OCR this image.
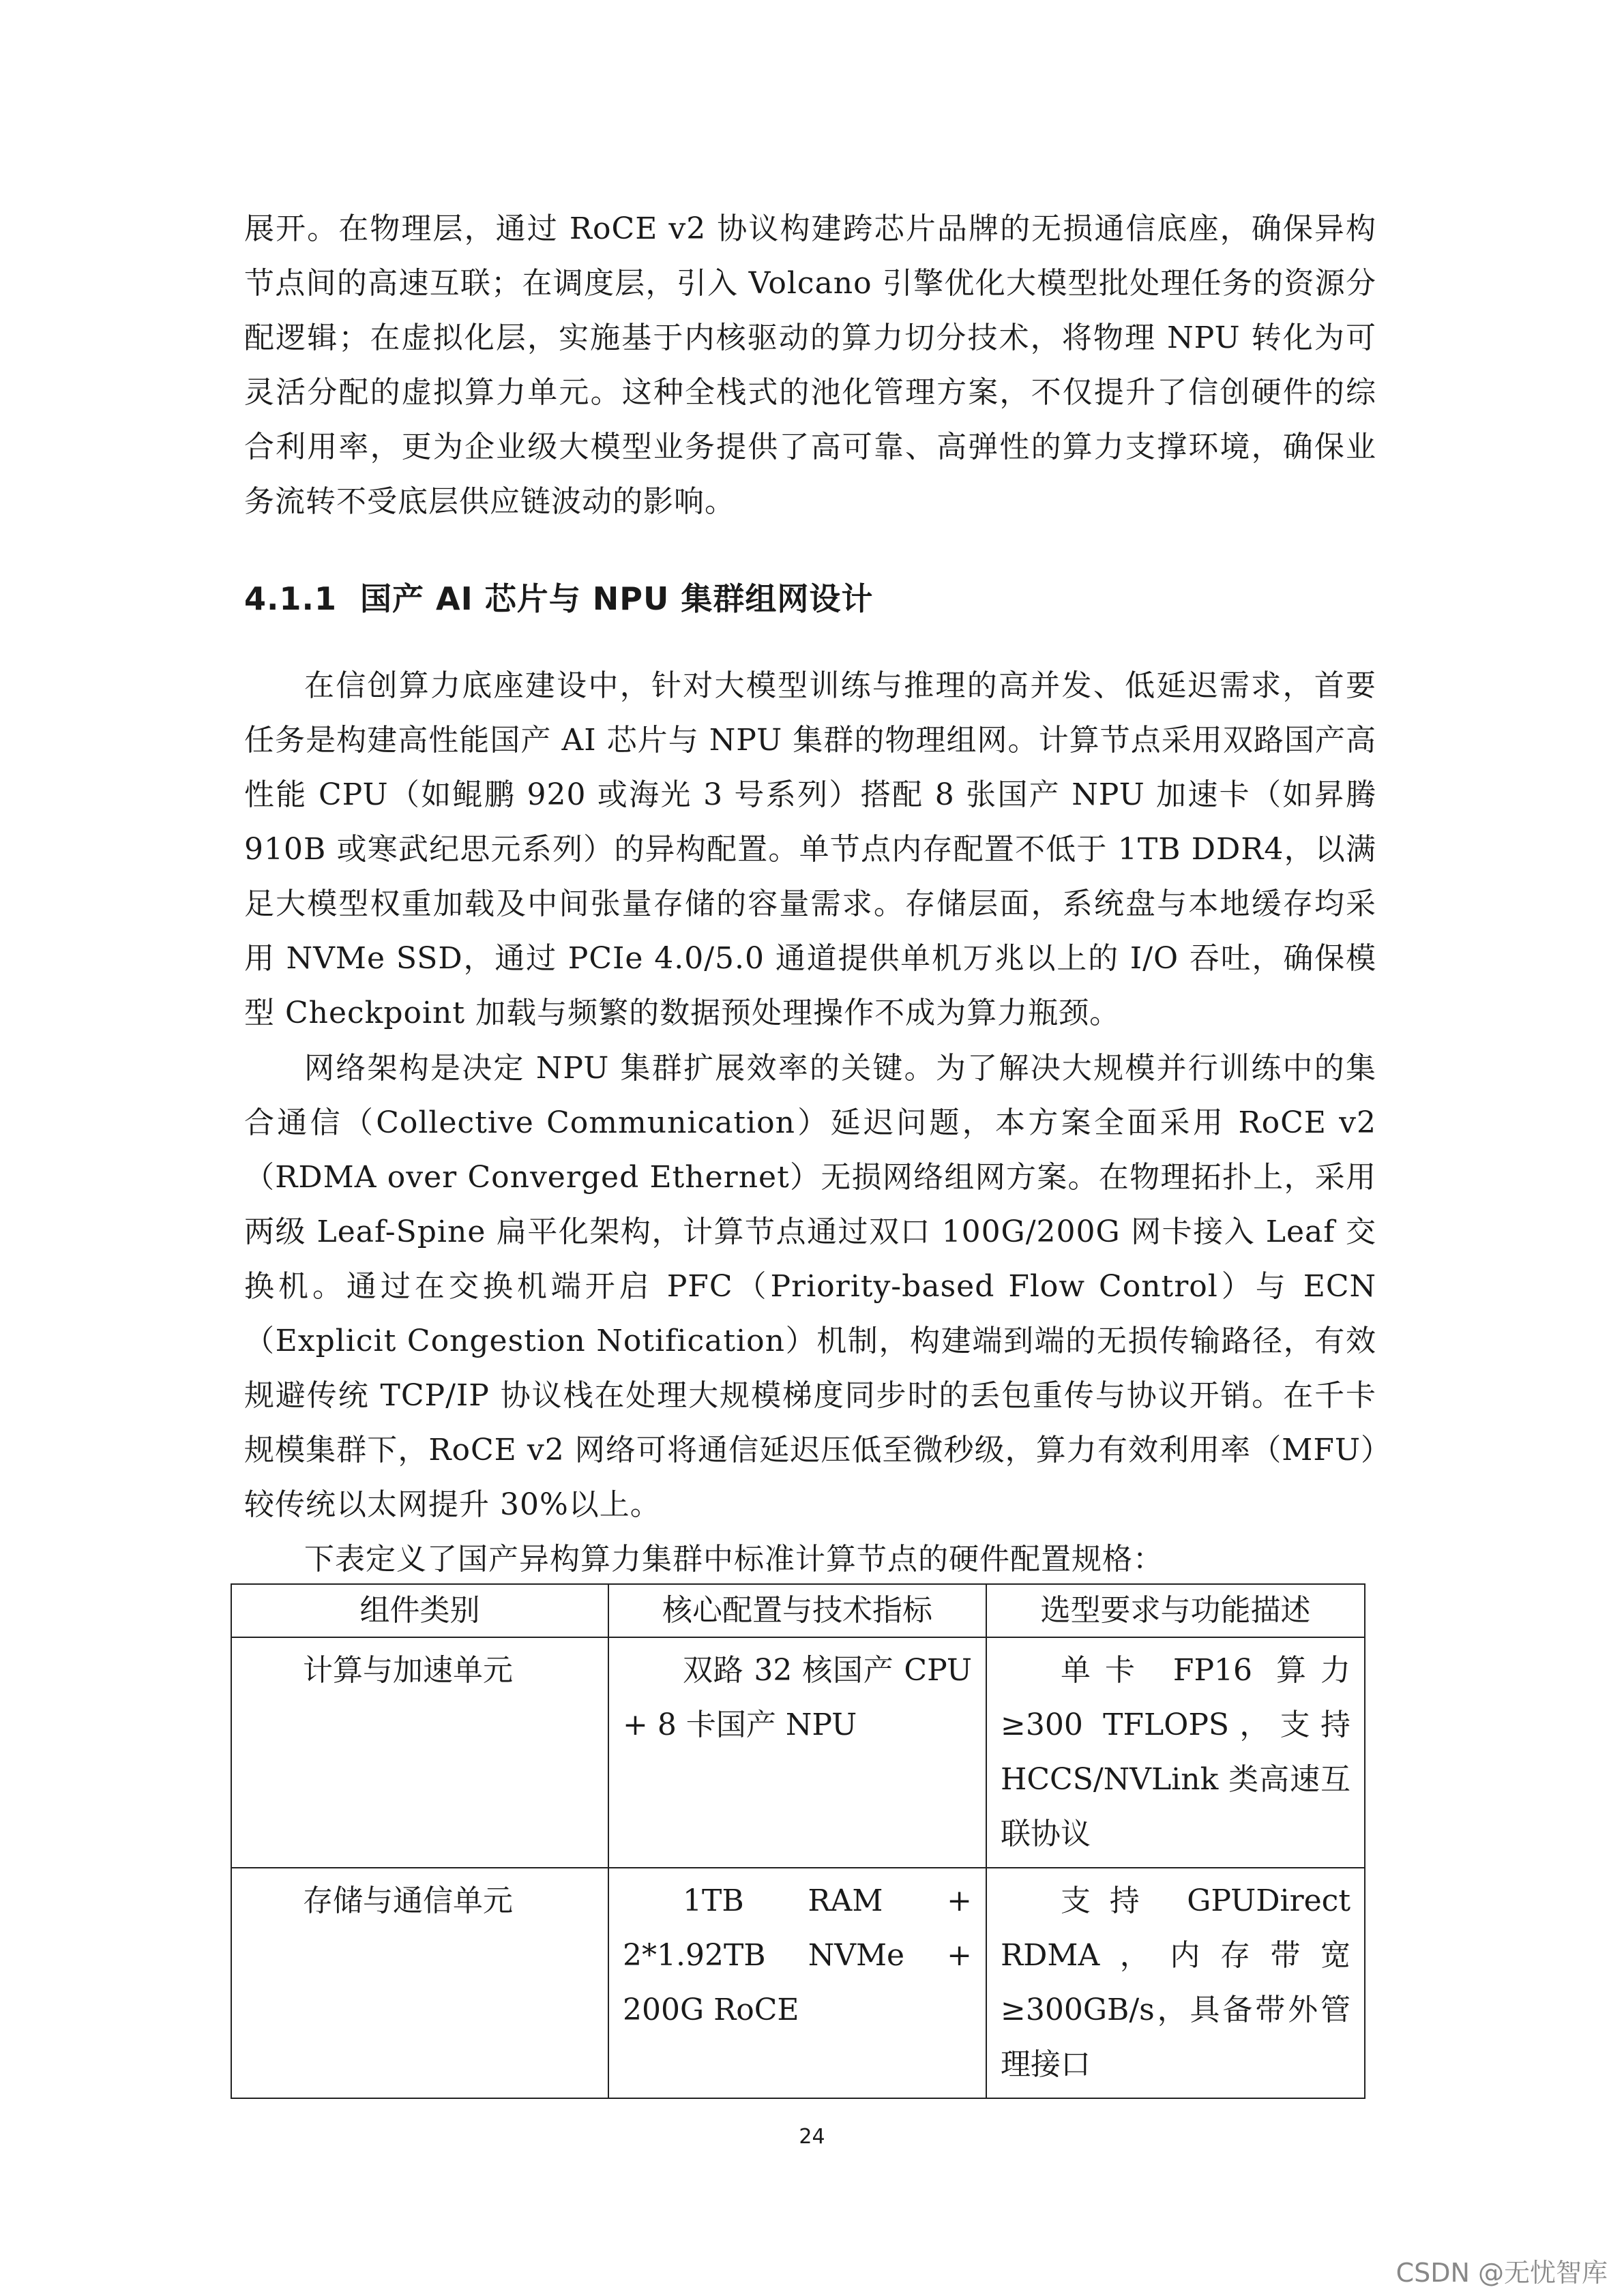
展开。在物理层，通过 RoCE v2 协议构建跨芯片品牌的无损通信底座，确保异构节点间的高速互联；在调度层，引入 Volcano 引擎优化大模型批处理任务的资源分配逻辑；在虚拟化层，实施基于内核驱动的算力切分技术，将物理 NPU 转化为可灵活分配的虚拟算力单元。这种全栈式的池化管理方案，不仅提升了信创硬件的综合利用率，更为企业级大模型业务提供了高可靠、高弹性的算力支撑环境，确保业务流转不受底层供应链波动的影响。

4.1.1 国产 AI 芯片与 NPU 集群组网设计

在信创算力底座建设中，针对大模型训练与推理的高并发、低延迟需求，首要任务是构建高性能国产 AI 芯片与 NPU 集群的物理组网。计算节点采用双路国产高性能 CPU（如鲲鹏 920 或海光 3 号系列）搭配 8 张国产 NPU 加速卡（如昇腾 910B 或寒武纪思元系列）的异构配置。单节点内存配置不低于 1TB DDR4，以满足大模型权重加载及中间张量存储的容量需求。存储层面，系统盘与本地缓存均采用 NVMe SSD，通过 PCIe 4.0/5.0 通道提供单机万兆以上的 I/O 吞吐，确保模型 Checkpoint 加载与频繁的数据预处理操作不成为算力瓶颈。

网络架构是决定 NPU 集群扩展效率的关键。为了解决大规模并行训练中的集合通信（Collective Communication）延迟问题，本方案全面采用 RoCE v2（RDMA over Converged Ethernet）无损网络组网方案。在物理拓扑上，采用两级 Leaf-Spine 扁平化架构，计算节点通过双口 100G/200G 网卡接入 Leaf 交换机。通过在交换机端开启 PFC（Priority-based Flow Control）与 ECN（Explicit Congestion Notification）机制，构建端到端的无损传输路径，有效规避传统 TCP/IP 协议栈在处理大规模梯度同步时的丢包重传与协议开销。在千卡规模集群下，RoCE v2 网络可将通信延迟压低至微秒级，算力有效利用率（MFU）较传统以太网提升 30%以上。

下表定义了国产异构算力集群中标准计算节点的硬件配置规格：

组件类别	核心配置与技术指标	选型要求与功能描述
计算与加速单元	双路 32 核国产 CPU + 8 卡国产 NPU	单卡 FP16 算力≥300 TFLOPS，支持 HCCS/NVLink 类高速互联协议
存储与通信单元	1TB RAM + 2*1.92TB NVMe + 200G RoCE	支持 GPUDirect RDMA，内存带宽≥300GB/s，具备带外管理接口

24

CSDN @无忧智库
